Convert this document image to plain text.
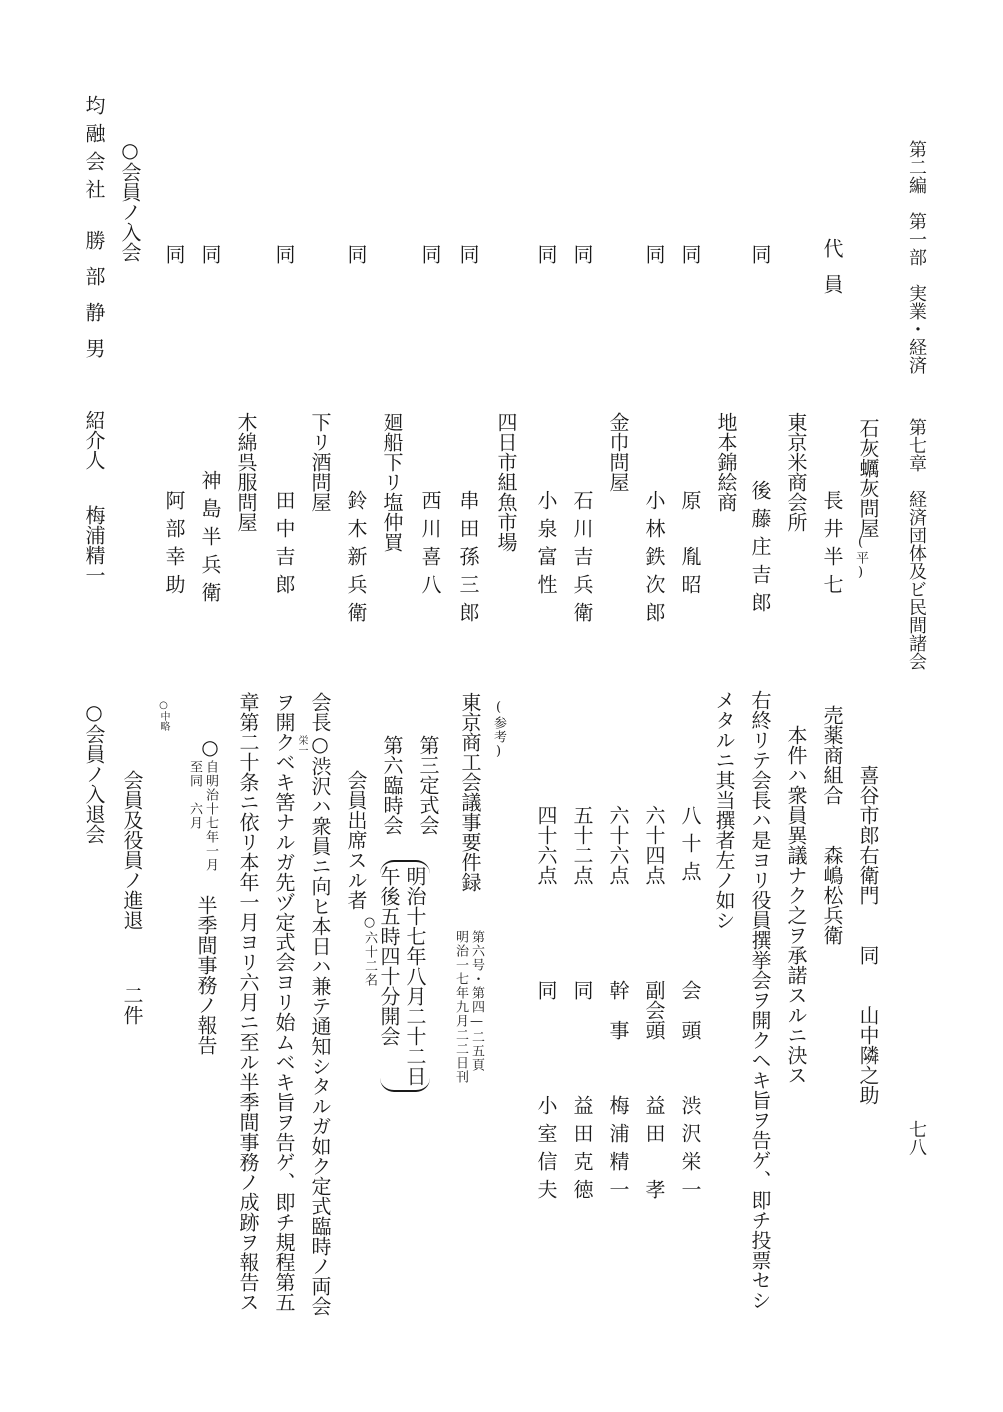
第二編　第一部　実業・経済
第七章　経済団体及ビ民間諸会
七八
代員
石灰蠣灰問屋
長井半七 (平)
同
東京米商会所
後藤庄吉郎
同
地本錦絵商
原　胤昭
同
小林鉄次郎
同
金巾問屋
石川吉兵衛
同
小泉富性
同
四日市組魚市場
串田孫三郎
同
西川喜八
同
廻船下リ塩仲買
鈴木新兵衛
同
下リ酒問屋
田中吉郎
同
木綿呉服問屋
神島半兵衛
同
阿部幸助
○会員ノ入会
均融会社
勝部静男
紹介人
梅浦精一
喜谷市郎右衛門　　同　　山中隣之助
売薬商組合　　森嶋松兵衛
本件ハ衆員異議ナク之ヲ承諾スルニ決ス
右終リテ会長ハ是ヨリ役員撰挙会ヲ開クヘキ旨ヲ告ゲ、即チ投票セシ
メタルニ其当撰者左ノ如シ
八十点
会　頭
渋沢栄一
六十四点
副会頭
益田　孝
六十六点
幹　事
梅浦精一
五十二点
同
益田克徳
四十六点
同
小室信夫
(参考)
東京商工会議事要件録
第六号・第四—二五頁
明治一七年九月二二日刊
第三定式会
第六臨時会
明治十七年八月二十二日
午後五時四十分開会
会員出席スル者
○六十二名
会長○渋沢ハ衆員ニ向ヒ本日ハ兼テ通知シタルガ如ク定式臨時ノ両会
栄一
ヲ開クベキ筈ナルガ先ヅ定式会ヨリ始ムベキ旨ヲ告ゲ、即チ規程第五
章第二十条ニ依リ本年一月ヨリ六月ニ至ル半季間事務ノ成跡ヲ報告ス
○
自明治十七年一月
至同　六月
半季間事務ノ報告
○中略
会員及役員ノ進退
二件
○会員ノ入退会
